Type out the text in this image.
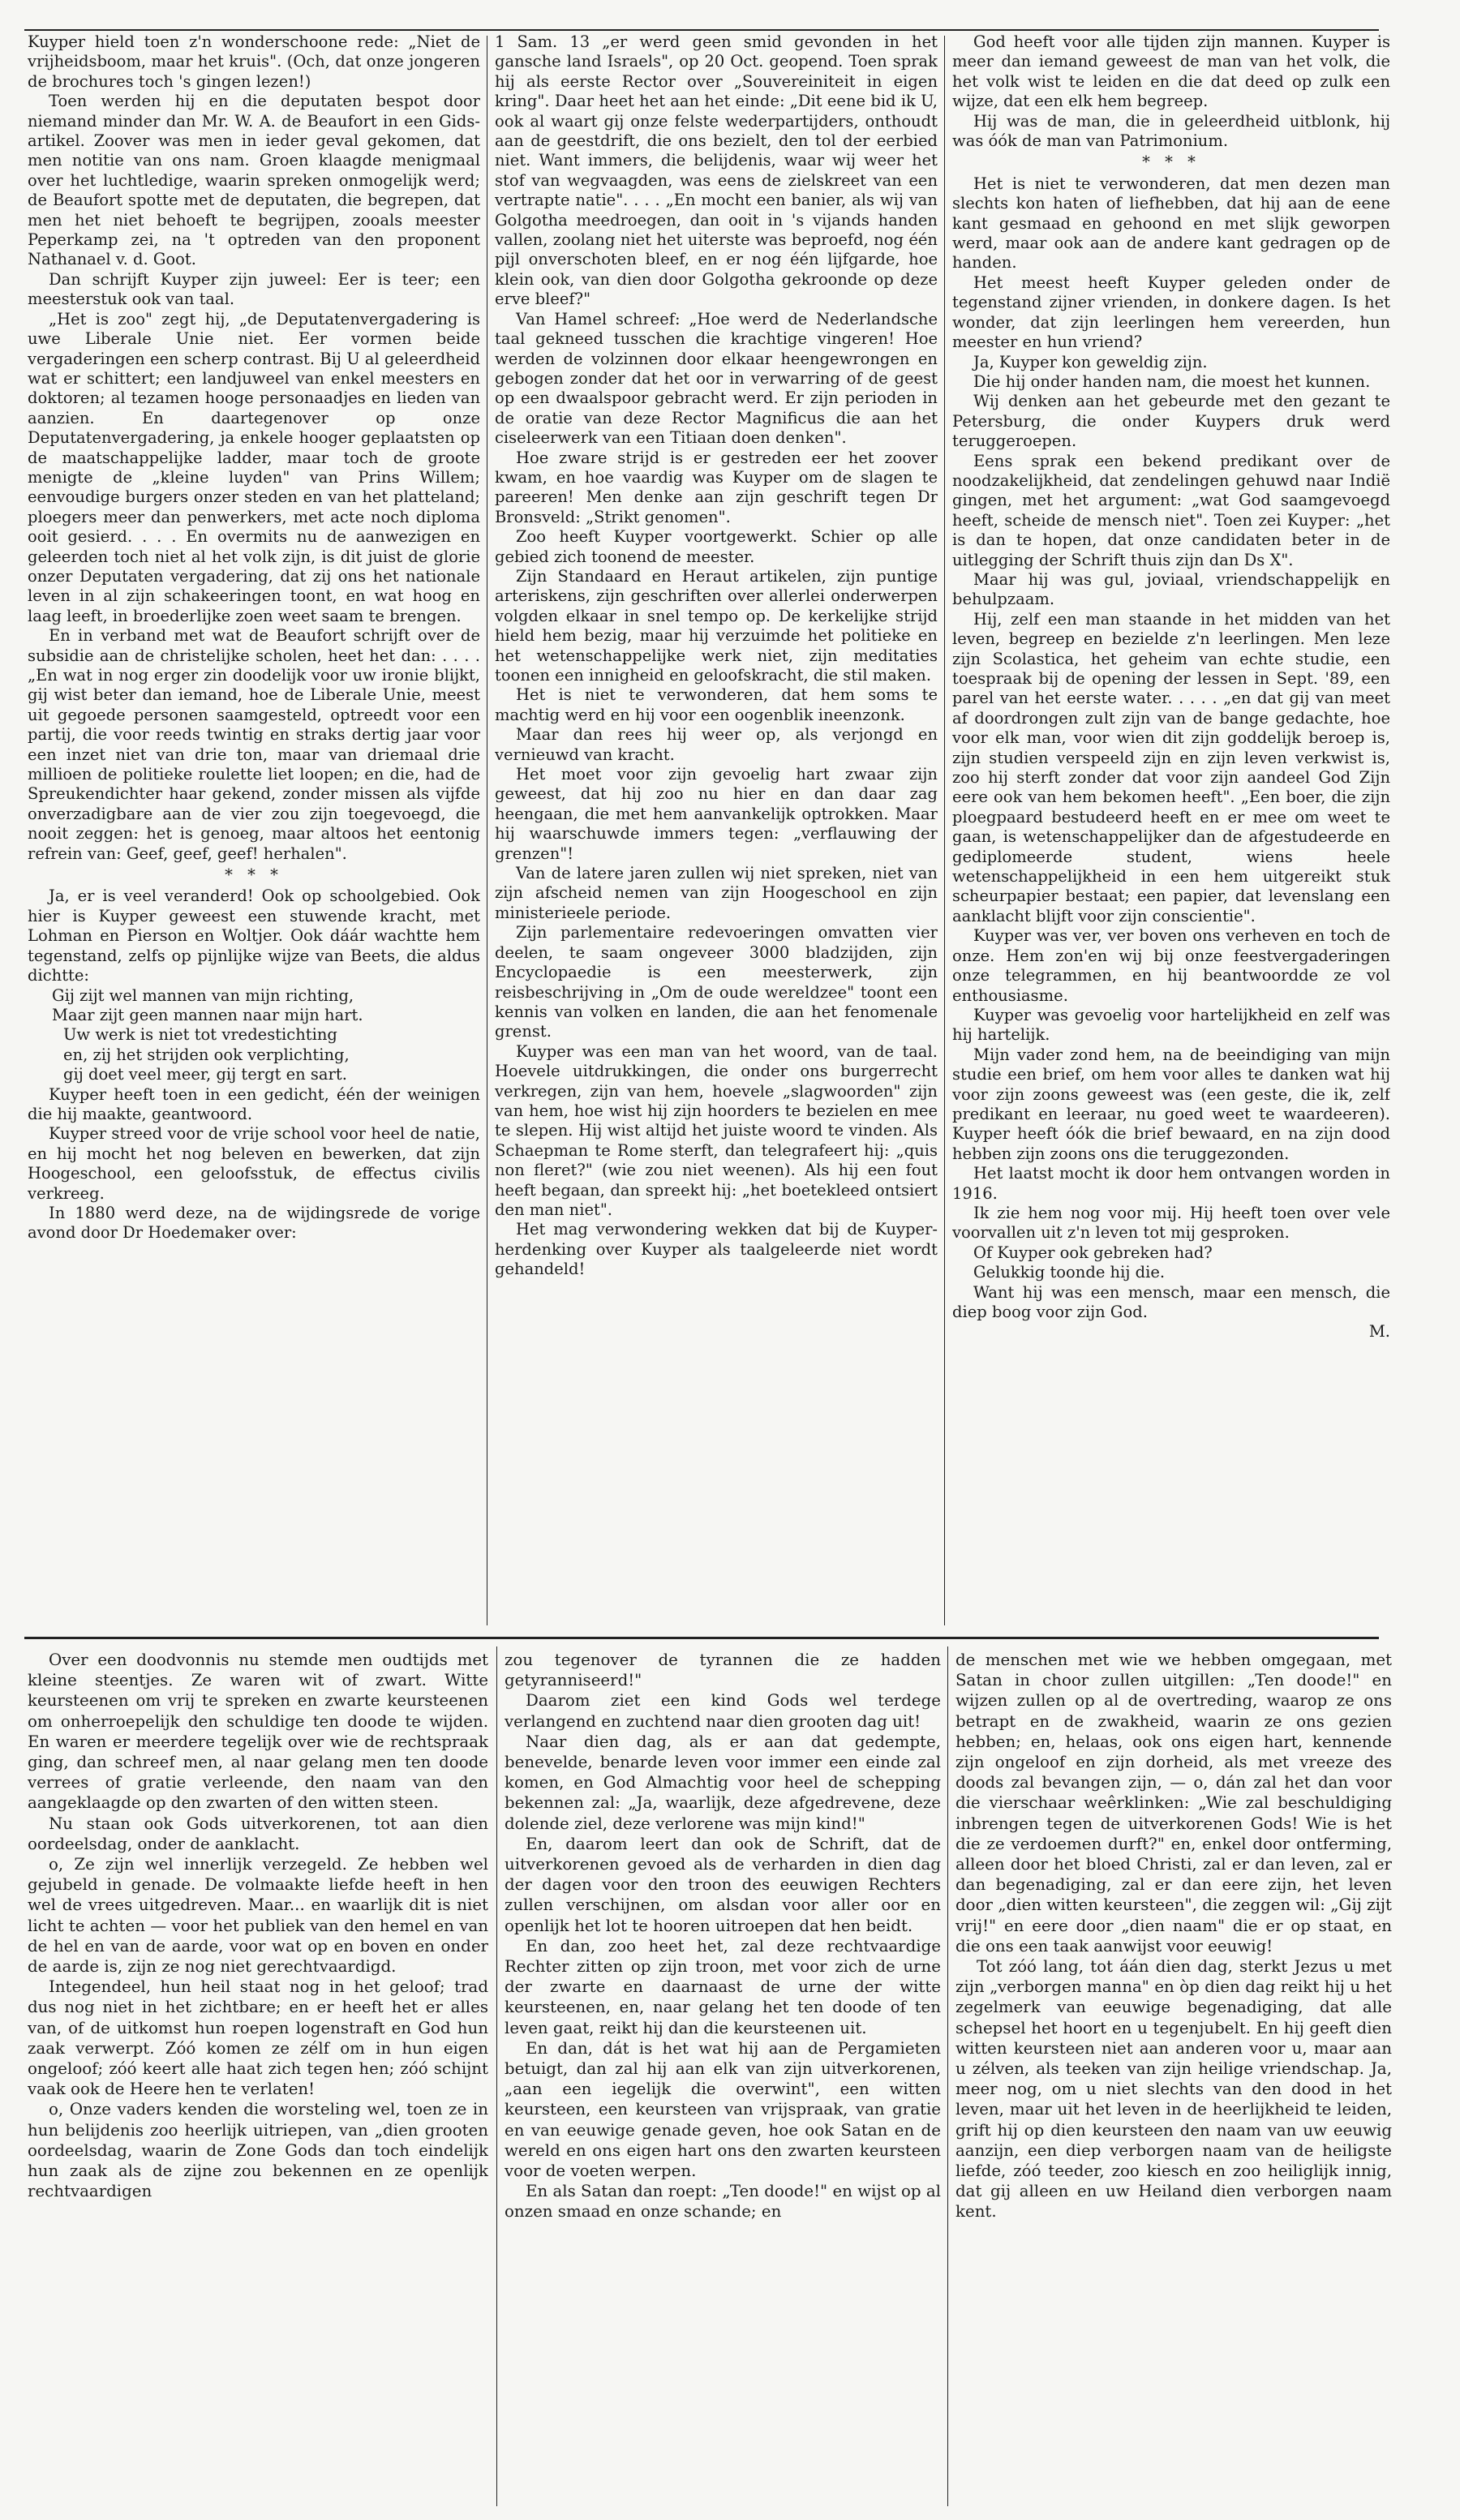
Kuyper hield toen z'n wonderschoone rede: „Niet de vrijheidsboom, maar het kruis". (Och, dat onze jongeren de brochures toch 's gingen lezen!)

Toen werden hij en die deputaten bespot door niemand minder dan Mr. W. A. de Beaufort in een Gids-artikel. Zoover was men in ieder geval gekomen, dat men notitie van ons nam. Groen klaagde menigmaal over het luchtledige, waarin spreken onmogelijk werd; de Beaufort spotte met de deputaten, die begrepen, dat men het niet behoeft te begrijpen, zooals meester Peperkamp zei, na 't optreden van den proponent Nathanael v. d. Goot.

Dan schrijft Kuyper zijn juweel: Eer is teer; een meesterstuk ook van taal.

„Het is zoo" zegt hij, „de Deputatenvergadering is uwe Liberale Unie niet. Eer vormen beide vergaderingen een scherp contrast. Bij U al geleerdheid wat er schittert; een landjuweel van enkel meesters en doktoren; al tezamen hooge personaadjes en lieden van aanzien. En daartegenover op onze Deputatenvergadering, ja enkele hooger geplaatsten op de maatschappelijke ladder, maar toch de groote menigte de „kleine luyden" van Prins Willem; eenvoudige burgers onzer steden en van het platteland; ploegers meer dan penwerkers, met acte noch diploma ooit gesierd. . . . En overmits nu de aanwezigen en geleerden toch niet al het volk zijn, is dit juist de glorie onzer Deputaten vergadering, dat zij ons het nationale leven in al zijn schakeeringen toont, en wat hoog en laag leeft, in broederlijke zoen weet saam te brengen.

En in verband met wat de Beaufort schrijft over de subsidie aan de christelijke scholen, heet het dan: . . . . „En wat in nog erger zin doodelijk voor uw ironie blijkt, gij wist beter dan iemand, hoe de Liberale Unie, meest uit gegoede personen saamgesteld, optreedt voor een partij, die voor reeds twintig en straks dertig jaar voor een inzet niet van drie ton, maar van driemaal drie millioen de politieke roulette liet loopen; en die, had de Spreukendichter haar gekend, zonder missen als vijfde onverzadigbare aan de vier zou zijn toegevoegd, die nooit zeggen: het is genoeg, maar altoos het eentonig refrein van: Geef, geef, geef! herhalen".

* * *

Ja, er is veel veranderd! Ook op schoolgebied. Ook hier is Kuyper geweest een stuwende kracht, met Lohman en Pierson en Woltjer. Ook dáár wachtte hem tegenstand, zelfs op pijnlijke wijze van Beets, die aldus dichtte:

Gij zijt wel mannen van mijn richting,

Maar zijt geen mannen naar mijn hart.

Uw werk is niet tot vredestichting

en, zij het strijden ook verplichting,

gij doet veel meer, gij tergt en sart.

Kuyper heeft toen in een gedicht, één der weinigen die hij maakte, geantwoord.

Kuyper streed voor de vrije school voor heel de natie, en hij mocht het nog beleven en bewerken, dat zijn Hoogeschool, een geloofsstuk, de effectus civilis verkreeg.

In 1880 werd deze, na de wijdingsrede de vorige avond door Dr Hoedemaker over:

1 Sam. 13 „er werd geen smid gevonden in het gansche land Israels", op 20 Oct. geopend. Toen sprak hij als eerste Rector over „Souvereiniteit in eigen kring". Daar heet het aan het einde: „Dit eene bid ik U, ook al waart gij onze felste wederpartijders, onthoudt aan de geestdrift, die ons bezielt, den tol der eerbied niet. Want immers, die belijdenis, waar wij weer het stof van wegvaagden, was eens de zielskreet van een vertrapte natie". . . . „En mocht een banier, als wij van Golgotha meedroegen, dan ooit in 's vijands handen vallen, zoolang niet het uiterste was beproefd, nog één pijl onverschoten bleef, en er nog één lijfgarde, hoe klein ook, van dien door Golgotha gekroonde op deze erve bleef?"

Van Hamel schreef: „Hoe werd de Nederlandsche taal gekneed tusschen die krachtige vingeren! Hoe werden de volzinnen door elkaar heengewrongen en gebogen zonder dat het oor in verwarring of de geest op een dwaalspoor gebracht werd. Er zijn perioden in de oratie van deze Rector Magnificus die aan het ciseleerwerk van een Titiaan doen denken".

Hoe zware strijd is er gestreden eer het zoover kwam, en hoe vaardig was Kuyper om de slagen te pareeren! Men denke aan zijn geschrift tegen Dr Bronsveld: „Strikt genomen".

Zoo heeft Kuyper voortgewerkt. Schier op alle gebied zich toonend de meester.

Zijn Standaard en Heraut artikelen, zijn puntige arteriskens, zijn geschriften over allerlei onderwerpen volgden elkaar in snel tempo op. De kerkelijke strijd hield hem bezig, maar hij verzuimde het politieke en het wetenschappelijke werk niet, zijn meditaties toonen een innigheid en geloofskracht, die stil maken.

Het is niet te verwonderen, dat hem soms te machtig werd en hij voor een oogenblik ineenzonk.

Maar dan rees hij weer op, als verjongd en vernieuwd van kracht.

Het moet voor zijn gevoelig hart zwaar zijn geweest, dat hij zoo nu hier en dan daar zag heengaan, die met hem aanvankelijk optrokken. Maar hij waarschuwde immers tegen: „verflauwing der grenzen"!

Van de latere jaren zullen wij niet spreken, niet van zijn afscheid nemen van zijn Hoogeschool en zijn ministerieele periode.

Zijn parlementaire redevoeringen omvatten vier deelen, te saam ongeveer 3000 bladzijden, zijn Encyclopaedie is een meesterwerk, zijn reisbeschrijving in „Om de oude wereldzee" toont een kennis van volken en landen, die aan het fenomenale grenst.

Kuyper was een man van het woord, van de taal. Hoevele uitdrukkingen, die onder ons burgerrecht verkregen, zijn van hem, hoevele „slagwoorden" zijn van hem, hoe wist hij zijn hoorders te bezielen en mee te slepen. Hij wist altijd het juiste woord te vinden. Als Schaepman te Rome sterft, dan telegrafeert hij: „quis non fleret?" (wie zou niet weenen). Als hij een fout heeft begaan, dan spreekt hij: „het boetekleed ontsiert den man niet".

Het mag verwondering wekken dat bij de Kuyper-herdenking over Kuyper als taalgeleerde niet wordt gehandeld!

God heeft voor alle tijden zijn mannen. Kuyper is meer dan iemand geweest de man van het volk, die het volk wist te leiden en die dat deed op zulk een wijze, dat een elk hem begreep.

Hij was de man, die in geleerdheid uitblonk, hij was óók de man van Patrimonium.

* * *

Het is niet te verwonderen, dat men dezen man slechts kon haten of liefhebben, dat hij aan de eene kant gesmaad en gehoond en met slijk geworpen werd, maar ook aan de andere kant gedragen op de handen.

Het meest heeft Kuyper geleden onder de tegenstand zijner vrienden, in donkere dagen. Is het wonder, dat zijn leerlingen hem vereerden, hun meester en hun vriend?

Ja, Kuyper kon geweldig zijn.

Die hij onder handen nam, die moest het kunnen.

Wij denken aan het gebeurde met den gezant te Petersburg, die onder Kuypers druk werd teruggeroepen.

Eens sprak een bekend predikant over de noodzakelijkheid, dat zendelingen gehuwd naar Indië gingen, met het argument: „wat God saamgevoegd heeft, scheide de mensch niet". Toen zei Kuyper: „het is dan te hopen, dat onze candidaten beter in de uitlegging der Schrift thuis zijn dan Ds X".

Maar hij was gul, joviaal, vriendschappelijk en behulpzaam.

Hij, zelf een man staande in het midden van het leven, begreep en bezielde z'n leerlingen. Men leze zijn Scolastica, het geheim van echte studie, een toespraak bij de opening der lessen in Sept. '89, een parel van het eerste water. . . . . „en dat gij van meet af doordrongen zult zijn van de bange gedachte, hoe voor elk man, voor wien dit zijn goddelijk beroep is, zijn studien verspeeld zijn en zijn leven verkwist is, zoo hij sterft zonder dat voor zijn aandeel God Zijn eere ook van hem bekomen heeft". „Een boer, die zijn ploegpaard bestudeerd heeft en er mee om weet te gaan, is wetenschappelijker dan de afgestudeerde en gediplomeerde student, wiens heele wetenschappelijkheid in een hem uitgereikt stuk scheurpapier bestaat; een papier, dat levenslang een aanklacht blijft voor zijn conscientie".

Kuyper was ver, ver boven ons verheven en toch de onze. Hem zon'en wij bij onze feestvergaderingen onze telegrammen, en hij beantwoordde ze vol enthousiasme.

Kuyper was gevoelig voor hartelijkheid en zelf was hij hartelijk.

Mijn vader zond hem, na de beeindiging van mijn studie een brief, om hem voor alles te danken wat hij voor zijn zoons geweest was (een geste, die ik, zelf predikant en leeraar, nu goed weet te waardeeren). Kuyper heeft óók die brief bewaard, en na zijn dood hebben zijn zoons ons die teruggezonden.

Het laatst mocht ik door hem ontvangen worden in 1916.

Ik zie hem nog voor mij. Hij heeft toen over vele voorvallen uit z'n leven tot mij gesproken.

Of Kuyper ook gebreken had?

Gelukkig toonde hij die.

Want hij was een mensch, maar een mensch, die diep boog voor zijn God.

M.

Over een doodvonnis nu stemde men oudtijds met kleine steentjes. Ze waren wit of zwart. Witte keursteenen om vrij te spreken en zwarte keursteenen om onherroepelijk den schuldige ten doode te wijden. En waren er meerdere tegelijk over wie de rechtspraak ging, dan schreef men, al naar gelang men ten doode verrees of gratie verleende, den naam van den aangeklaagde op den zwarten of den witten steen.

Nu staan ook Gods uitverkorenen, tot aan dien oordeelsdag, onder de aanklacht.

o, Ze zijn wel innerlijk verzegeld. Ze hebben wel gejubeld in genade. De volmaakte liefde heeft in hen wel de vrees uitgedreven. Maar... en waarlijk dit is niet licht te achten — voor het publiek van den hemel en van de hel en van de aarde, voor wat op en boven en onder de aarde is, zijn ze nog niet gerechtvaardigd.

Integendeel, hun heil staat nog in het geloof; trad dus nog niet in het zichtbare; en er heeft het er alles van, of de uitkomst hun roepen logenstraft en God hun zaak verwerpt. Zóó komen ze zélf om in hun eigen ongeloof; zóó keert alle haat zich tegen hen; zóó schijnt vaak ook de Heere hen te verlaten!

o, Onze vaders kenden die worsteling wel, toen ze in hun belijdenis zoo heerlijk uitriepen, van „dien grooten oordeelsdag, waarin de Zone Gods dan toch eindelijk hun zaak als de zijne zou bekennen en ze openlijk rechtvaardigen

zou tegenover de tyrannen die ze hadden getyranniseerd!"

Daarom ziet een kind Gods wel terdege verlangend en zuchtend naar dien grooten dag uit!

Naar dien dag, als er aan dat gedempte, benevelde, benarde leven voor immer een einde zal komen, en God Almachtig voor heel de schepping bekennen zal: „Ja, waarlijk, deze afgedrevene, deze dolende ziel, deze verlorene was mijn kind!"

En, daarom leert dan ook de Schrift, dat de uitverkorenen gevoed als de verharden in dien dag der dagen voor den troon des eeuwigen Rechters zullen verschijnen, om alsdan voor aller oor en openlijk het lot te hooren uitroepen dat hen beidt.

En dan, zoo heet het, zal deze rechtvaardige Rechter zitten op zijn troon, met voor zich de urne der zwarte en daarnaast de urne der witte keursteenen, en, naar gelang het ten doode of ten leven gaat, reikt hij dan die keursteenen uit.

En dan, dát is het wat hij aan de Pergamieten betuigt, dan zal hij aan elk van zijn uitverkorenen, „aan een iegelijk die overwint", een witten keursteen, een keursteen van vrijspraak, van gratie en van eeuwige genade geven, hoe ook Satan en de wereld en ons eigen hart ons den zwarten keursteen voor de voeten werpen.

En als Satan dan roept: „Ten doode!" en wijst op al onzen smaad en onze schande; en

de menschen met wie we hebben omgegaan, met Satan in choor zullen uitgillen: „Ten doode!" en wijzen zullen op al de overtreding, waarop ze ons betrapt en de zwakheid, waarin ze ons gezien hebben; en, helaas, ook ons eigen hart, kennende zijn ongeloof en zijn dorheid, als met vreeze des doods zal bevangen zijn, — o, dán zal het dan voor die vierschaar weêrklinken: „Wie zal beschuldiging inbrengen tegen de uitverkorenen Gods! Wie is het die ze verdoemen durft?" en, enkel door ontferming, alleen door het bloed Christi, zal er dan leven, zal er dan begenadiging, zal er dan eere zijn, het leven door „dien witten keursteen", die zeggen wil: „Gij zijt vrij!" en eere door „dien naam" die er op staat, en die ons een taak aanwijst voor eeuwig!

Tot zóó lang, tot áán dien dag, sterkt Jezus u met zijn „verborgen manna" en òp dien dag reikt hij u het zegelmerk van eeuwige begenadiging, dat alle schepsel het hoort en u tegenjubelt. En hij geeft dien witten keursteen niet aan anderen voor u, maar aan u zélven, als teeken van zijn heilige vriendschap. Ja, meer nog, om u niet slechts van den dood in het leven, maar uit het leven in de heerlijkheid te leiden, grift hij op dien keursteen den naam van uw eeuwig aanzijn, een diep verborgen naam van de heiligste liefde, zóó teeder, zoo kiesch en zoo heiliglijk innig, dat gij alleen en uw Heiland dien verborgen naam kent.
